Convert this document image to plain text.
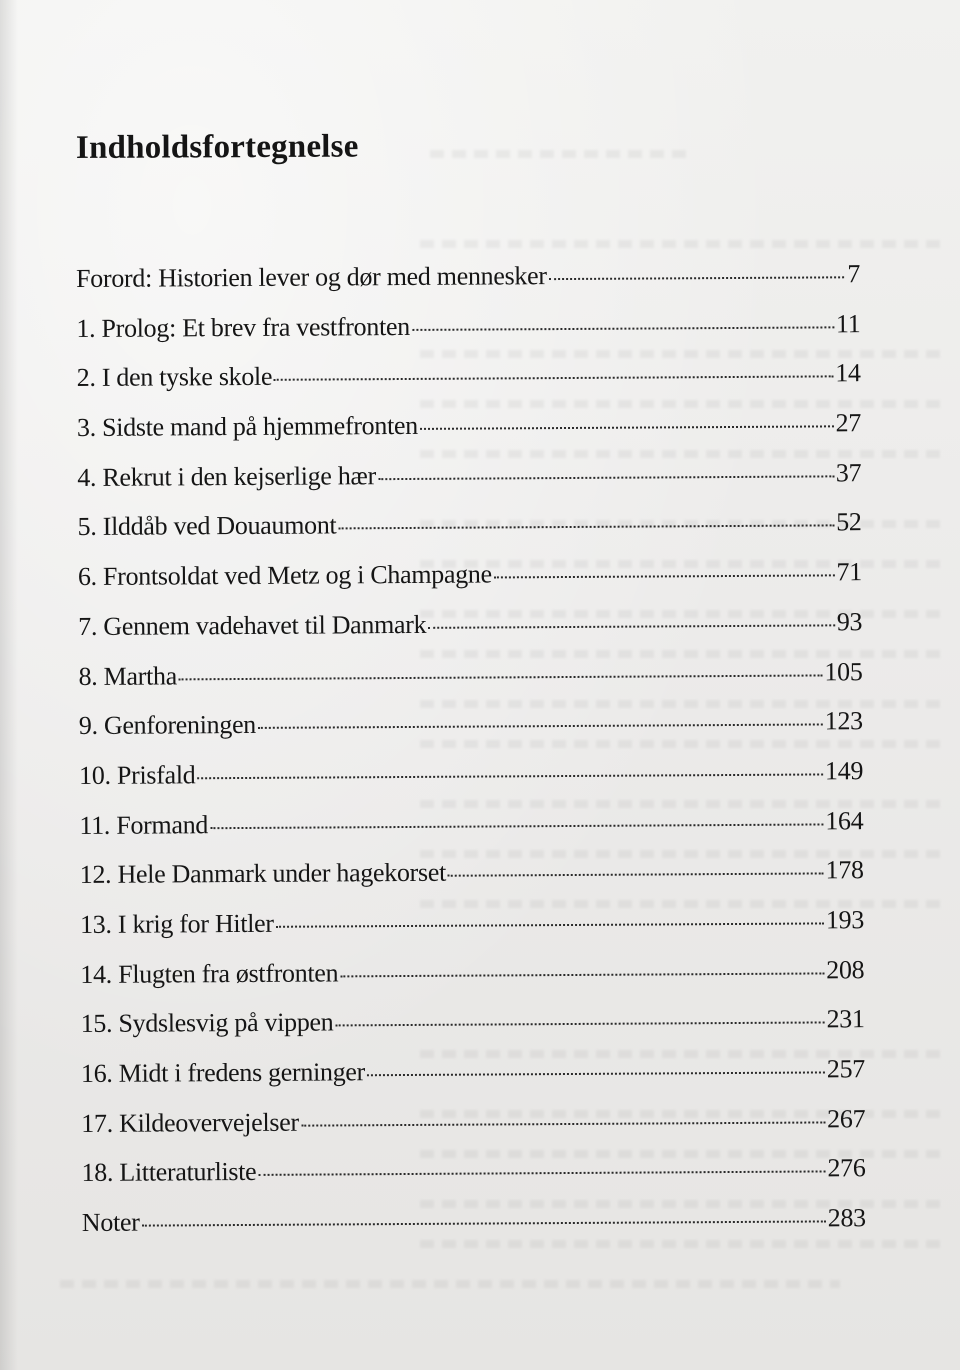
Indholdsfortegnelse
Forord: Historien lever og dør med mennesker	7
1. Prolog: Et brev fra vestfronten	11
2. I den tyske skole	14
3. Sidste mand på hjemmefronten	27
4. Rekrut i den kejserlige hær	37
5. Ilddåb ved Douaumont	52
6. Frontsoldat ved Metz og i Champagne	71
7. Gennem vadehavet til Danmark	93
8. Martha	105
9. Genforeningen	123
10. Prisfald	149
11. Formand	164
12. Hele Danmark under hagekorset	178
13. I krig for Hitler	193
14. Flugten fra østfronten	208
15. Sydslesvig på vippen	231
16. Midt i fredens gerninger	257
17. Kildeovervejelser	267
18. Litteraturliste	276
Noter	283
